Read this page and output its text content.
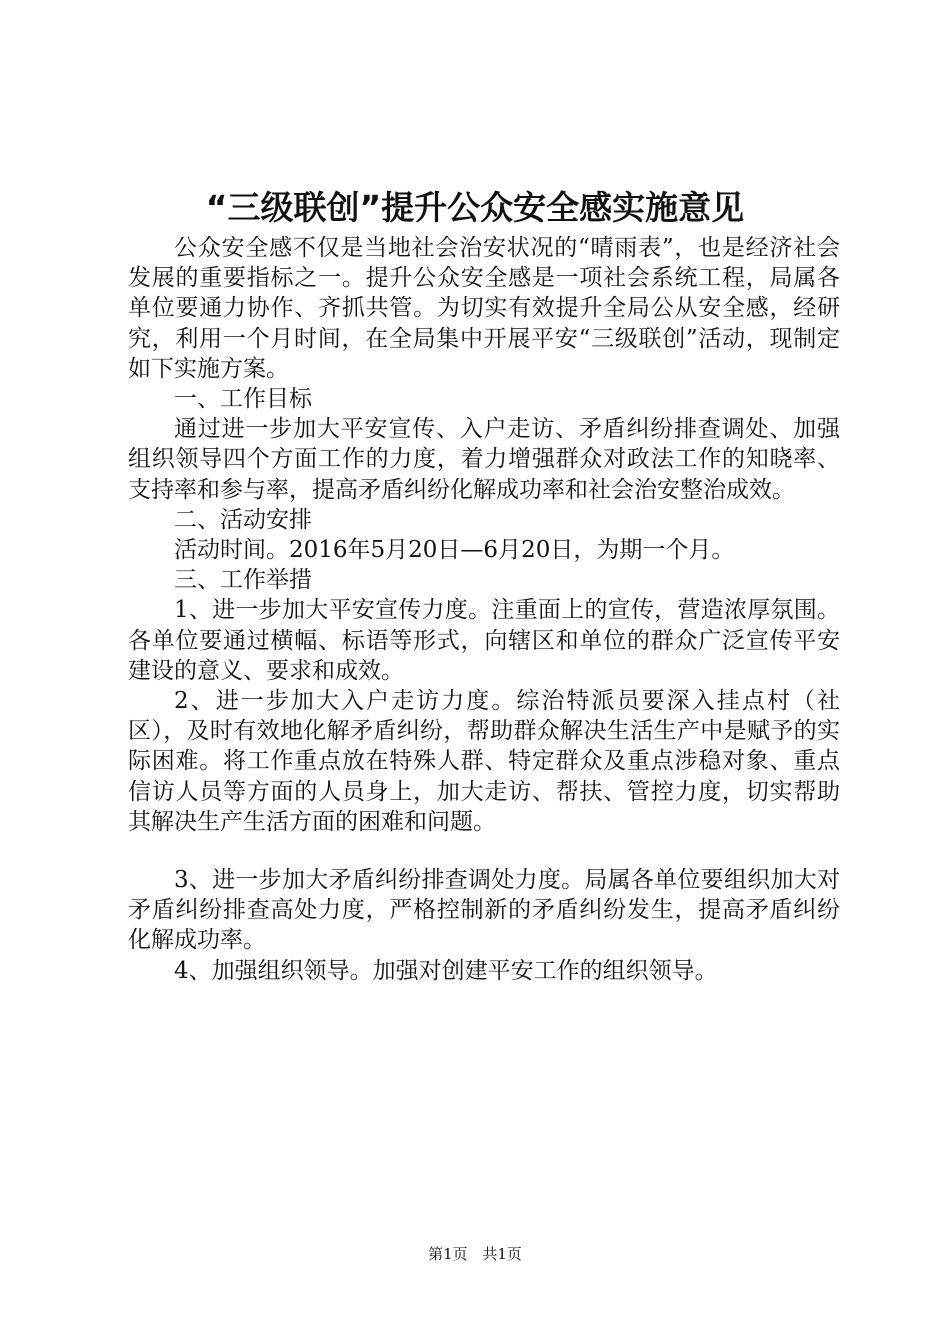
“三级联创”提升公众安全感实施意见

公众安全感不仅是当地社会治安状况的“晴雨表”，也是经济社会发展的重要指标之一。提升公众安全感是一项社会系统工程，局属各单位要通力协作、齐抓共管。为切实有效提升全局公从安全感，经研究，利用一个月时间，在全局集中开展平安“三级联创”活动，现制定如下实施方案。

一、工作目标

通过进一步加大平安宣传、入户走访、矛盾纠纷排查调处、加强组织领导四个方面工作的力度，着力增强群众对政法工作的知晓率、支持率和参与率，提高矛盾纠纷化解成功率和社会治安整治成效。

二、活动安排

活动时间。2016年5月20日—6月20日，为期一个月。

三、工作举措

1、进一步加大平安宣传力度。注重面上的宣传，营造浓厚氛围。各单位要通过横幅、标语等形式，向辖区和单位的群众广泛宣传平安建设的意义、要求和成效。

2、进一步加大入户走访力度。综治特派员要深入挂点村（社区），及时有效地化解矛盾纠纷，帮助群众解决生活生产中是赋予的实际困难。将工作重点放在特殊人群、特定群众及重点涉稳对象、重点信访人员等方面的人员身上，加大走访、帮扶、管控力度，切实帮助其解决生产生活方面的困难和问题。

3、进一步加大矛盾纠纷排查调处力度。局属各单位要组织加大对矛盾纠纷排查高处力度，严格控制新的矛盾纠纷发生，提高矛盾纠纷化解成功率。

4、加强组织领导。加强对创建平安工作的组织领导。

第1页 共1页
